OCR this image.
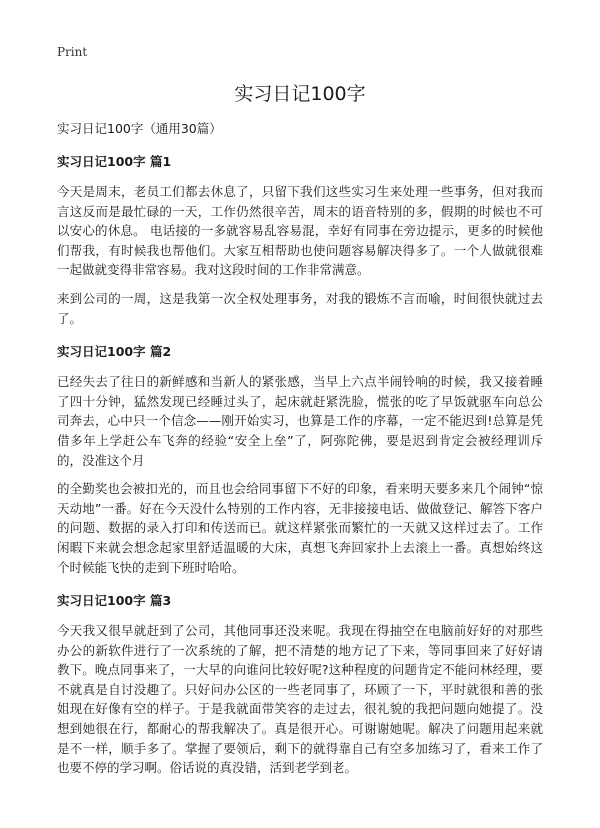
Print
实习日记100字
实习日记100字（通用30篇）
实习日记100字 篇1

今天是周末，老员工们都去休息了，只留下我们这些实习生来处理一些事务，但对我而言这反而是最忙碌的一天，工作仍然很辛苦，周末的语音特别的多，假期的时候也不可以安心的休息。 电话接的一多就容易乱容易混，幸好有同事在旁边提示，更多的时候他们帮我，有时候我也帮他们。大家互相帮助也使问题容易解决得多了。一个人做就很难一起做就变得非常容易。我对这段时间的工作非常满意。

来到公司的一周，这是我第一次全权处理事务，对我的锻炼不言而喻，时间很快就过去了。

实习日记100字 篇2

已经失去了往日的新鲜感和当新人的紧张感，当早上六点半闹铃响的时候，我又接着睡了四十分钟，猛然发现已经睡过头了，起床就赶紧洗脸，慌张的吃了早饭就驱车向总公司奔去，心中只一个信念——刚开始实习，也算是工作的序幕，一定不能迟到!总算是凭借多年上学赶公车飞奔的经验“安全上垒”了，阿弥陀佛，要是迟到肯定会被经理训斥的，没准这个月

的全勤奖也会被扣光的，而且也会给同事留下不好的印象，看来明天要多来几个闹钟“惊天动地”一番。好在今天没什么特别的工作内容，无非接接电话、做做登记、解答下客户的问题、数据的录入打印和传送而已。就这样紧张而繁忙的一天就又这样过去了。工作闲暇下来就会想念起家里舒适温暖的大床，真想飞奔回家扑上去滚上一番。真想始终这个时候能飞快的走到下班时哈哈。

实习日记100字 篇3

今天我又很早就赶到了公司，其他同事还没来呢。我现在得抽空在电脑前好好的对那些办公的新软件进行了一次系统的了解，把不清楚的地方记了下来，等同事回来了好好请教下。晚点同事来了，一大早的向谁问比较好呢?这种程度的问题肯定不能问林经理，要不就真是自讨没趣了。只好问办公区的一些老同事了，环顾了一下，平时就很和善的张姐现在好像有空的样子。于是我就面带笑容的走过去，很礼貌的我把问题向她提了。没想到她很在行，都耐心的帮我解决了。真是很开心。可谢谢她呢。解决了问题用起来就是不一样，顺手多了。掌握了要领后，剩下的就得靠自己有空多加练习了，看来工作了也要不停的学习啊。俗话说的真没错，活到老学到老。
